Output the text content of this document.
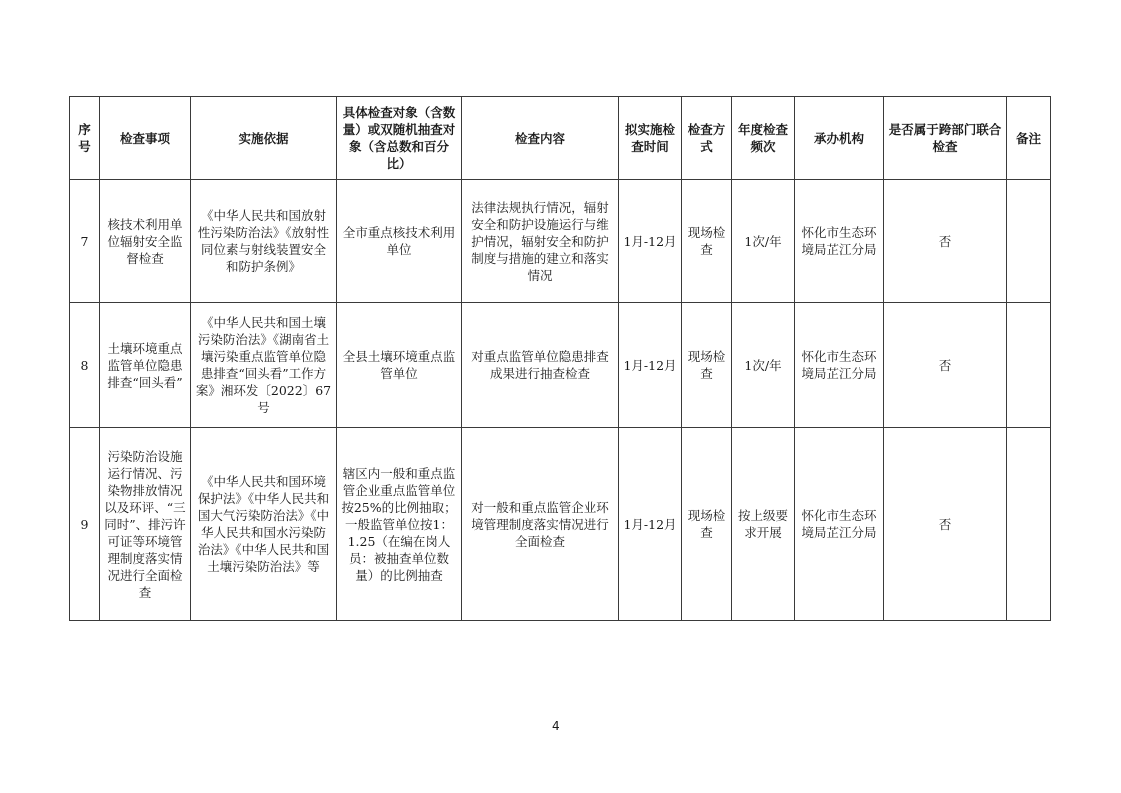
序号	检查事项	实施依据	具体检查对象（含数量）或双随机抽查对象（含总数和百分比）	检查内容	拟实施检查时间	检查方式	年度检查频次	承办机构	是否属于跨部门联合检查	备注
7	核技术利用单位辐射安全监督检查	《中华人民共和国放射性污染防治法》《放射性同位素与射线装置安全和防护条例》	全市重点核技术利用单位	法律法规执行情况，辐射安全和防护设施运行与维护情况，辐射安全和防护制度与措施的建立和落实情况	1月-12月	现场检查	1次/年	怀化市生态环境局芷江分局	否	
8	土壤环境重点监管单位隐患排查“回头看”	《中华人民共和国土壤污染防治法》《湖南省土壤污染重点监管单位隐患排查“回头看”工作方案》湘环发〔2022〕67号	全县土壤环境重点监管单位	对重点监管单位隐患排查成果进行抽查检查	1月-12月	现场检查	1次/年	怀化市生态环境局芷江分局	否	
9	污染防治设施运行情况、污染物排放情况以及环评、“三同时”、排污许可证等环境管理制度落实情况进行全面检查	《中华人民共和国环境保护法》《中华人民共和国大气污染防治法》《中华人民共和国水污染防治法》《中华人民共和国土壤污染防治法》等	辖区内一般和重点监管企业重点监管单位按25%的比例抽取；一般监管单位按1：1.25（在编在岗人员：被抽查单位数量）的比例抽查	对一般和重点监管企业环境管理制度落实情况进行全面检查	1月-12月	现场检查	按上级要求开展	怀化市生态环境局芷江分局	否	
4
